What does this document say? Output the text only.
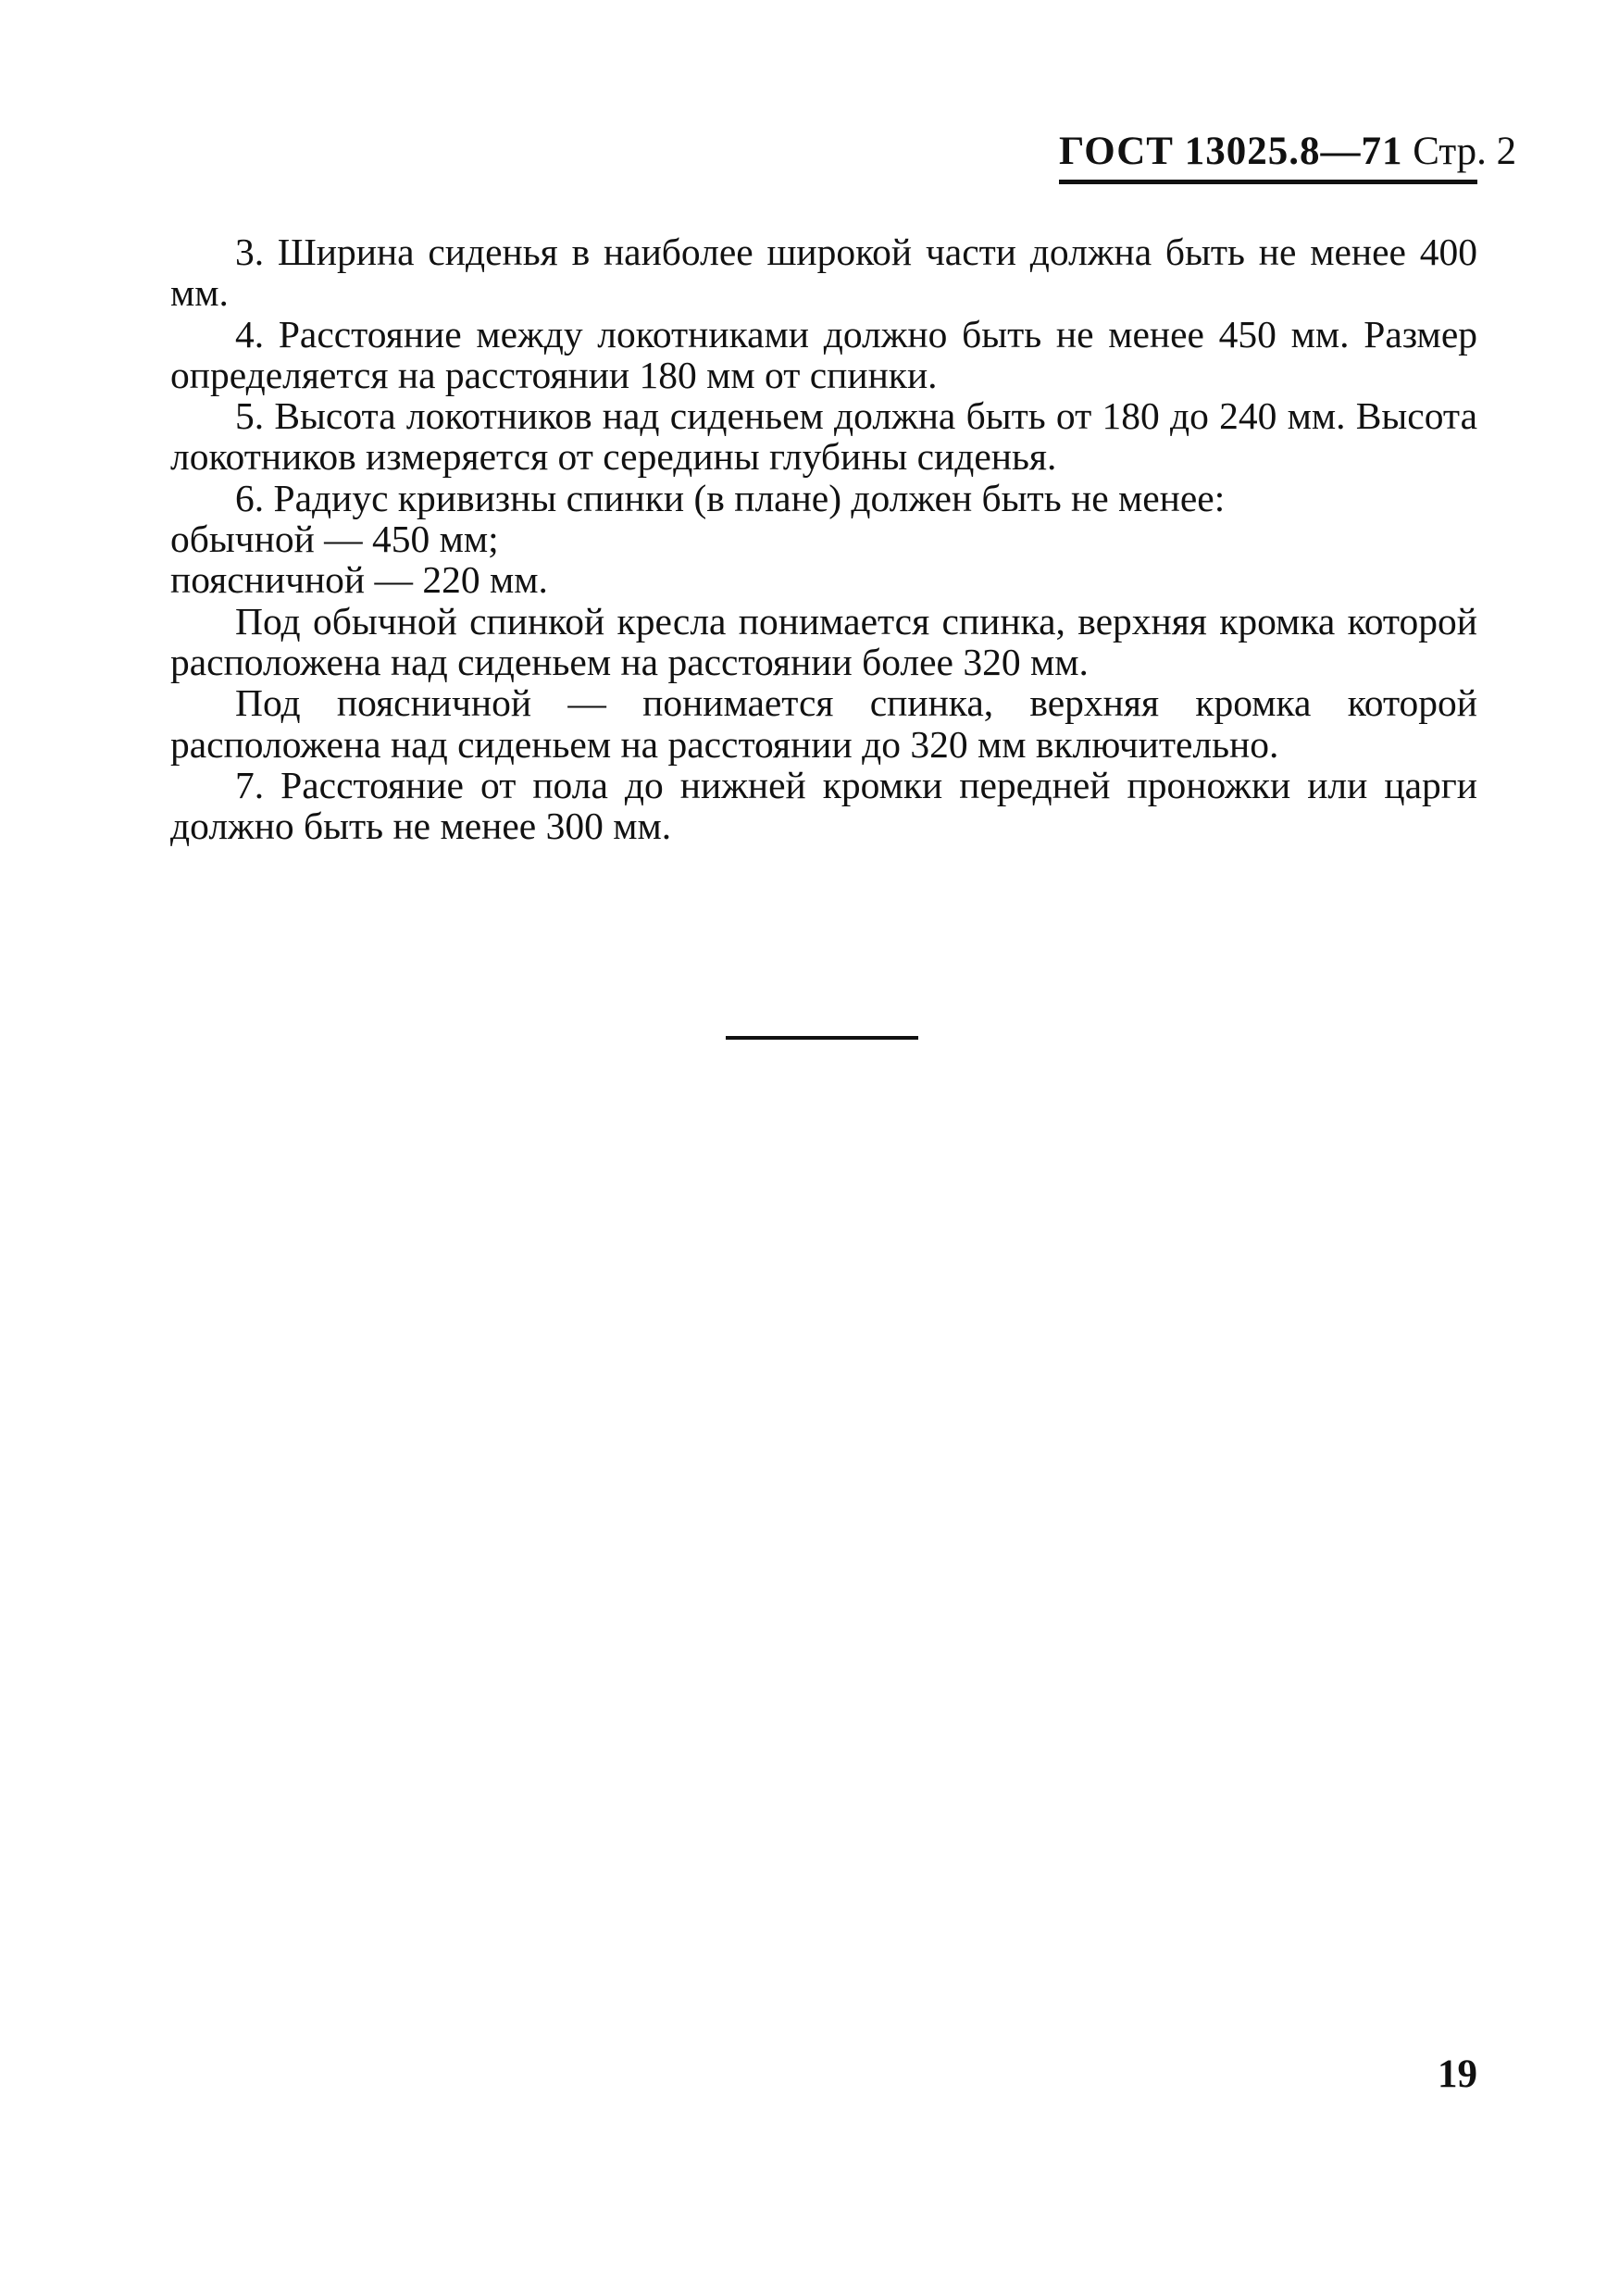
ГОСТ 13025.8—71 Стр. 2

3. Ширина сиденья в наиболее широкой части должна быть не менее 400 мм.

4. Расстояние между локотниками должно быть не менее 450 мм. Размер определяется на расстоянии 180 мм от спинки.

5. Высота локотников над сиденьем должна быть от 180 до 240 мм. Высота локотников измеряется от середины глубины сиденья.

6. Радиус кривизны спинки (в плане) должен быть не менее:

обычной — 450 мм;

поясничной — 220 мм.

Под обычной спинкой кресла понимается спинка, верхняя кромка которой расположена над сиденьем на расстоянии более 320 мм.

Под поясничной — понимается спинка, верхняя кромка которой расположена над сиденьем на расстоянии до 320 мм включительно.

7. Расстояние от пола до нижней кромки передней проножки или царги должно быть не менее 300 мм.

19
